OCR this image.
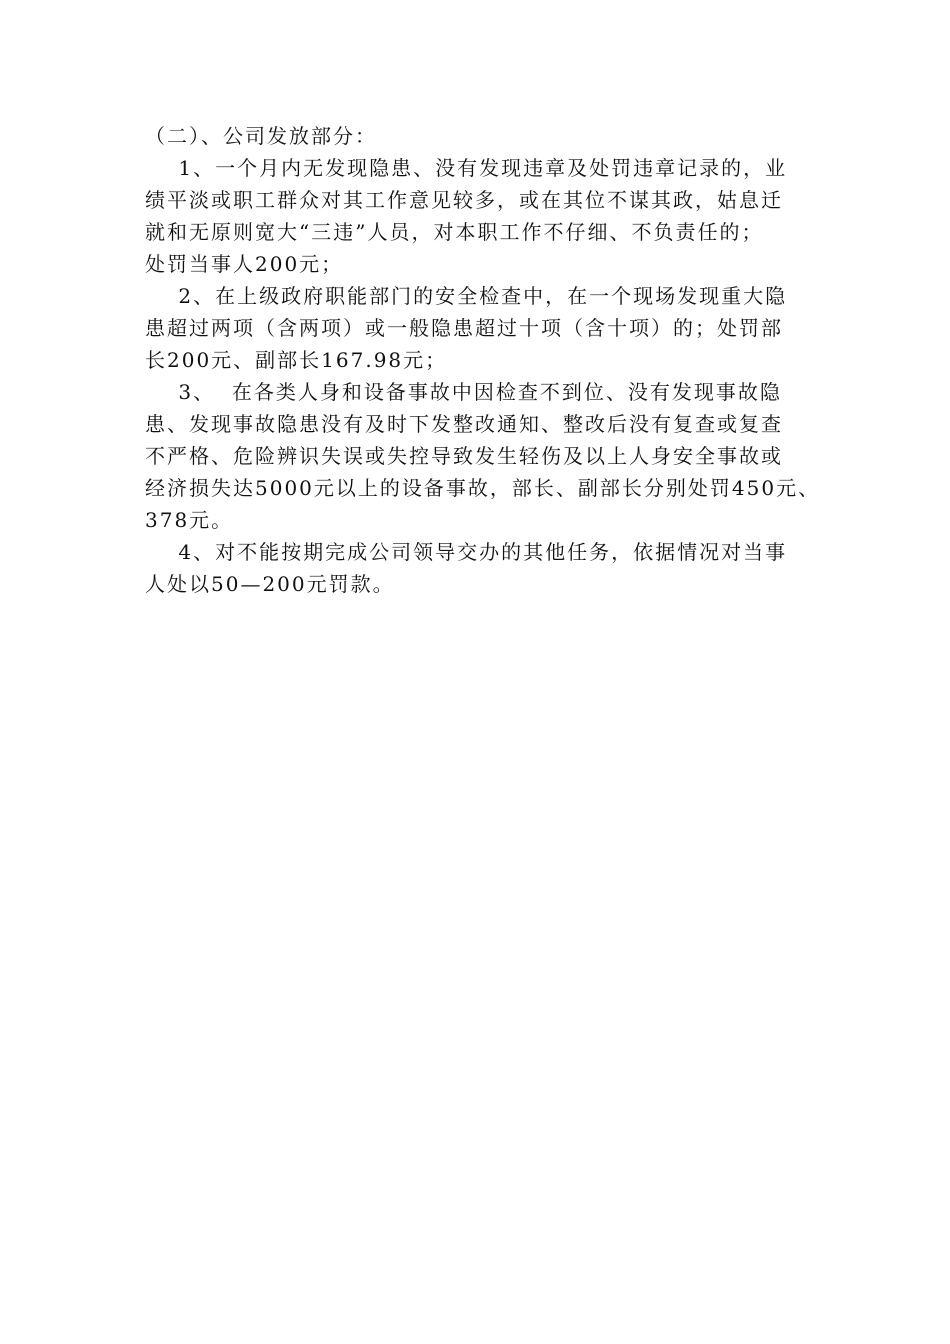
（二）、公司发放部分：
1、一个月内无发现隐患、没有发现违章及处罚违章记录的，业
绩平淡或职工群众对其工作意见较多，或在其位不谋其政，姑息迁
就和无原则宽大“三违”人员，对本职工作不仔细、不负责任的；
处罚当事人200元；
2、在上级政府职能部门的安全检查中，在一个现场发现重大隐
患超过两项（含两项）或一般隐患超过十项（含十项）的；处罚部
长200元、副部长167.98元；
3、  在各类人身和设备事故中因检查不到位、没有发现事故隐
患、发现事故隐患没有及时下发整改通知、整改后没有复查或复查
不严格、危险辨识失误或失控导致发生轻伤及以上人身安全事故或
经济损失达5000元以上的设备事故，部长、副部长分别处罚450元、
378元。
4、对不能按期完成公司领导交办的其他任务，依据情况对当事
人处以50—200元罚款。
